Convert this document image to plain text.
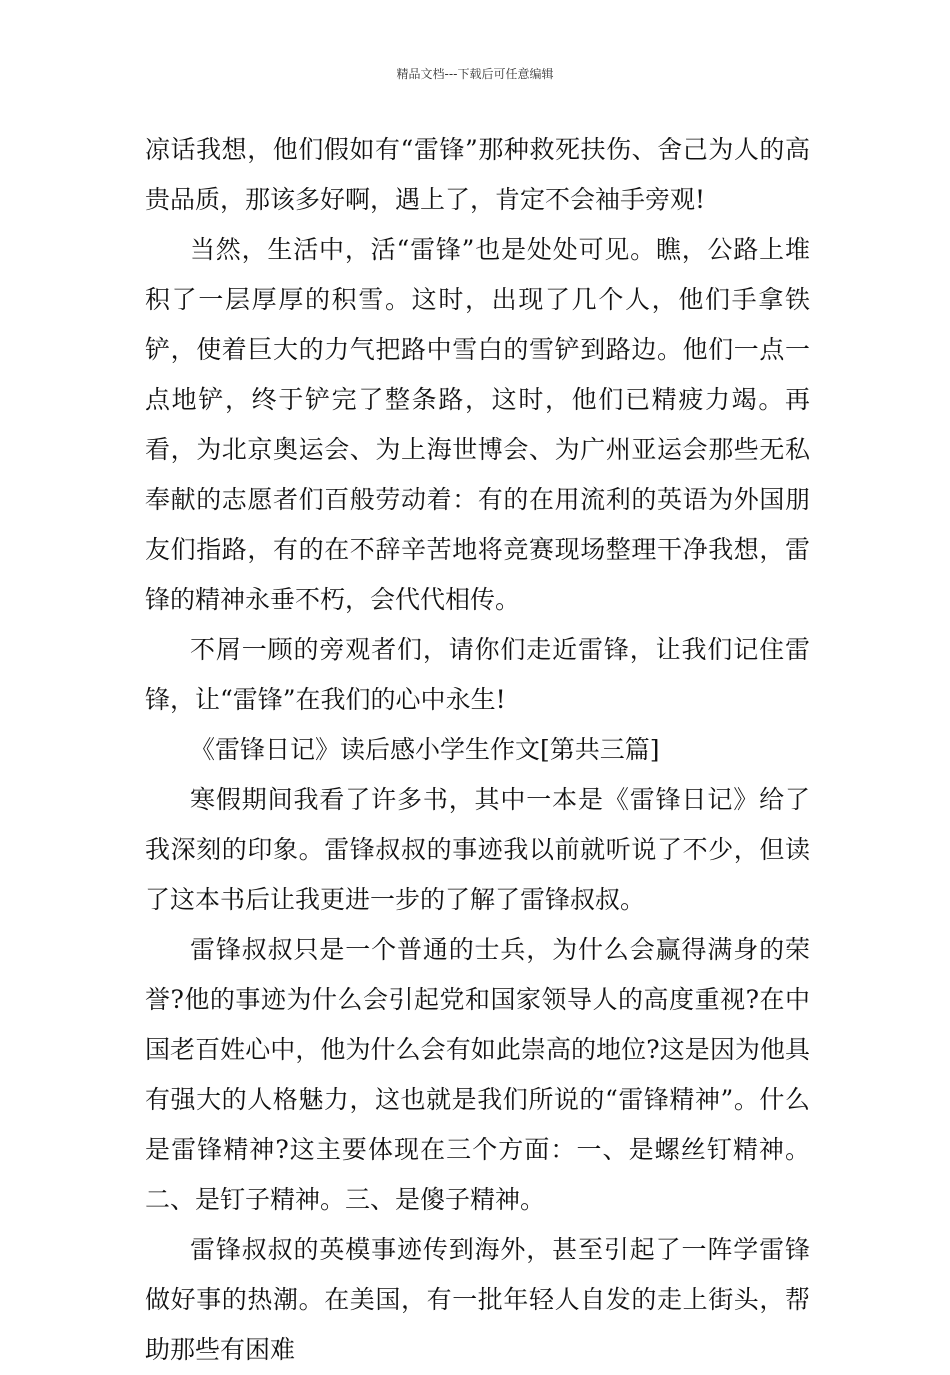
精品文档---下载后可任意编辑

凉话我想，他们假如有“雷锋”那种救死扶伤、舍己为人的高贵品质，那该多好啊，遇上了，肯定不会袖手旁观!

当然，生活中，活“雷锋”也是处处可见。瞧，公路上堆积了一层厚厚的积雪。这时，出现了几个人，他们手拿铁铲，使着巨大的力气把路中雪白的雪铲到路边。他们一点一点地铲，终于铲完了整条路，这时，他们已精疲力竭。再看，为北京奥运会、为上海世博会、为广州亚运会那些无私奉献的志愿者们百般劳动着：有的在用流利的英语为外国朋友们指路，有的在不辞辛苦地将竞赛现场整理干净我想，雷锋的精神永垂不朽，会代代相传。

不屑一顾的旁观者们，请你们走近雷锋，让我们记住雷锋，让“雷锋”在我们的心中永生!

《雷锋日记》读后感小学生作文[第共三篇]

寒假期间我看了许多书，其中一本是《雷锋日记》给了我深刻的印象。雷锋叔叔的事迹我以前就听说了不少，但读了这本书后让我更进一步的了解了雷锋叔叔。

雷锋叔叔只是一个普通的士兵，为什么会赢得满身的荣誉?他的事迹为什么会引起党和国家领导人的高度重视?在中国老百姓心中，他为什么会有如此崇高的地位?这是因为他具有强大的人格魅力，这也就是我们所说的“雷锋精神”。什么是雷锋精神?这主要体现在三个方面：一、是螺丝钉精神。二、是钉子精神。三、是傻子精神。

雷锋叔叔的英模事迹传到海外，甚至引起了一阵学雷锋做好事的热潮。在美国，有一批年轻人自发的走上街头，帮助那些有困难
